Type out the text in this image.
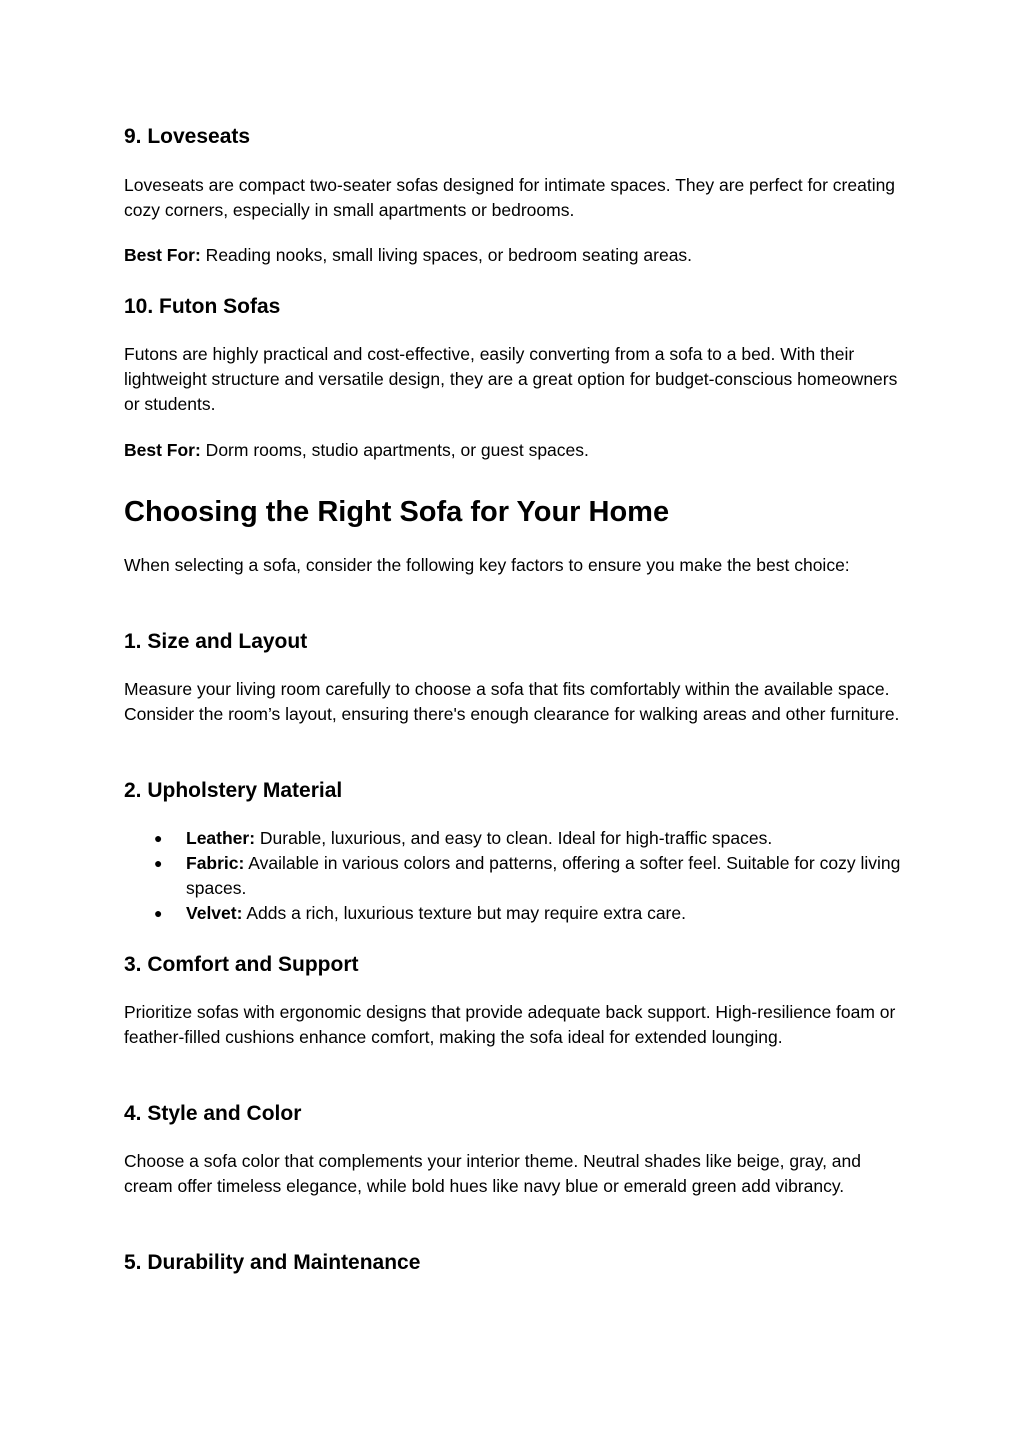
9. Loveseats

Loveseats are compact two-seater sofas designed for intimate spaces. They are perfect for creating cozy corners, especially in small apartments or bedrooms.

Best For: Reading nooks, small living spaces, or bedroom seating areas.

10. Futon Sofas

Futons are highly practical and cost-effective, easily converting from a sofa to a bed. With their lightweight structure and versatile design, they are a great option for budget-conscious homeowners or students.

Best For: Dorm rooms, studio apartments, or guest spaces.

Choosing the Right Sofa for Your Home

When selecting a sofa, consider the following key factors to ensure you make the best choice:

1. Size and Layout

Measure your living room carefully to choose a sofa that fits comfortably within the available space. Consider the room’s layout, ensuring there's enough clearance for walking areas and other furniture.

2. Upholstery Material
● Leather: Durable, luxurious, and easy to clean. Ideal for high-traffic spaces.
● Fabric: Available in various colors and patterns, offering a softer feel. Suitable for cozy living spaces.
● Velvet: Adds a rich, luxurious texture but may require extra care.
3. Comfort and Support

Prioritize sofas with ergonomic designs that provide adequate back support. High-resilience foam or feather-filled cushions enhance comfort, making the sofa ideal for extended lounging.

4. Style and Color

Choose a sofa color that complements your interior theme. Neutral shades like beige, gray, and cream offer timeless elegance, while bold hues like navy blue or emerald green add vibrancy.

5. Durability and Maintenance
